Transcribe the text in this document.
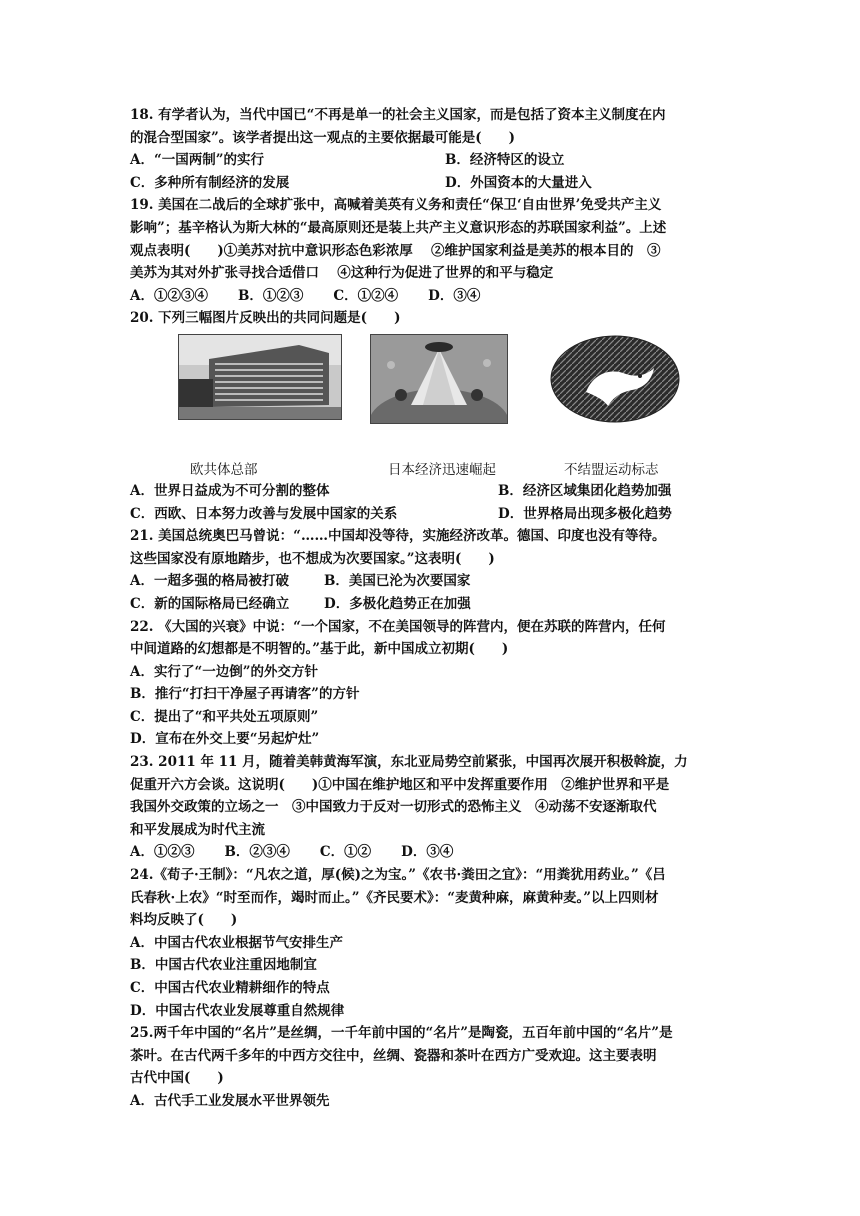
18. 有学者认为，当代中国已“不再是单一的社会主义国家，而是包括了资本主义制度在内
的混合型国家”。该学者提出这一观点的主要依据最可能是(　　)
A．“一国两制”的实行	B．经济特区的设立
C．多种所有制经济的发展	D．外国资本的大量进入
19. 美国在二战后的全球扩张中，高喊着美英有义务和责任“保卫‘自由世界’免受共产主义
影响”；基辛格认为斯大林的“最高原则还是装上共产主义意识形态的苏联国家利益”。上述
观点表明(　　)①美苏对抗中意识形态色彩浓厚　 ②维护国家利益是美苏的根本目的　③
美苏为其对外扩张寻找合适借口　 ④这种行为促进了世界的和平与稳定
A．①②③④ B．①②③ C．①②④ D．③④
20. 下列三幅图片反映出的共同问题是(　　)
欧共体总部	日本经济迅速崛起	不结盟运动标志
A．世界日益成为不可分割的整体	B．经济区域集团化趋势加强
C．西欧、日本努力改善与发展中国家的关系	D．世界格局出现多极化趋势
21. 美国总统奥巴马曾说：“……中国却没等待，实施经济改革。德国、印度也没有等待。
这些国家没有原地踏步，也不想成为次要国家。”这表明(　　)
A．一超多强的格局被打破	B．美国已沦为次要国家
C．新的国际格局已经确立	D．多极化趋势正在加强
22. 《大国的兴衰》中说：“一个国家，不在美国领导的阵营内，便在苏联的阵营内，任何
中间道路的幻想都是不明智的。”基于此，新中国成立初期(　　)
A．实行了“一边倒”的外交方针
B．推行“打扫干净屋子再请客”的方针
C．提出了“和平共处五项原则”
D．宣布在外交上要“另起炉灶”
23. 2011 年 11 月，随着美韩黄海军演，东北亚局势空前紧张，中国再次展开积极斡旋，力
促重开六方会谈。这说明(　　)①中国在维护地区和平中发挥重要作用　②维护世界和平是
我国外交政策的立场之一　③中国致力于反对一切形式的恐怖主义　④动荡不安逐渐取代
和平发展成为时代主流
A．①②③ B．②③④ C．①② D．③④
24.《荀子·王制》：“凡农之道，厚(候)之为宝。”《农书·粪田之宜》：“用粪犹用药业。”《吕
氏春秋·上农》“时至而作，竭时而止。”《齐民要术》：“麦黄种麻，麻黄种麦。”以上四则材
料均反映了(　　)
A．中国古代农业根据节气安排生产
B．中国古代农业注重因地制宜
C．中国古代农业精耕细作的特点
D．中国古代农业发展尊重自然规律
25.两千年中国的“名片”是丝绸，一千年前中国的“名片”是陶瓷，五百年前中国的“名片”是
茶叶。在古代两千多年的中西方交往中，丝绸、瓷器和茶叶在西方广受欢迎。这主要表明
古代中国(　　)
A．古代手工业发展水平世界领先
